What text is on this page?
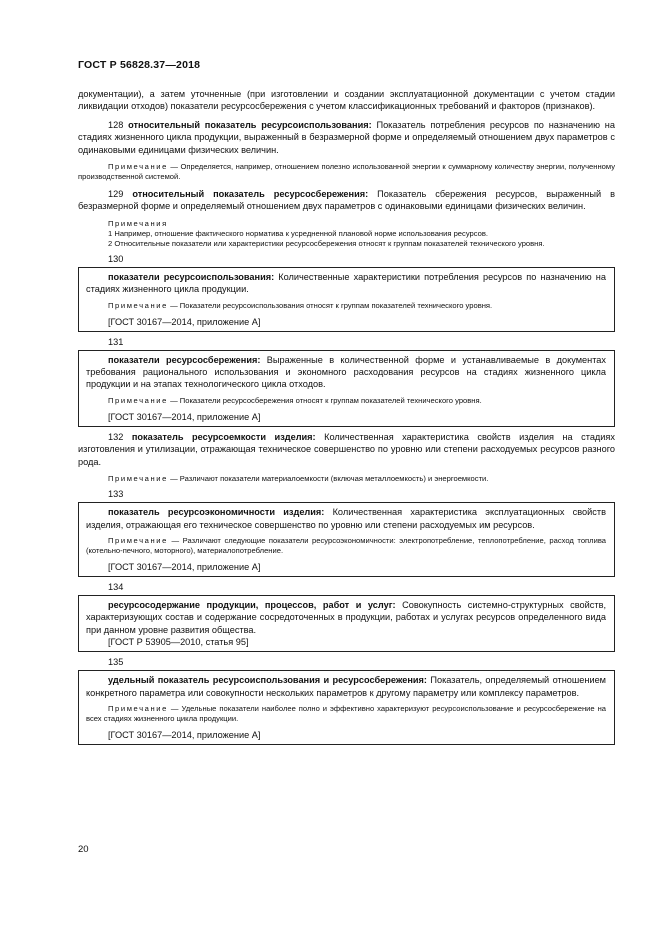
ГОСТ Р 56828.37—2018

документации), а затем уточненные (при изготовлении и создании эксплуатационной документации с учетом стадии ликвидации отходов) показатели ресурсосбережения с учетом классификационных требований и факторов (признаков).

128 относительный показатель ресурсоиспользования: Показатель потребления ресурсов по назначению на стадиях жизненного цикла продукции, выраженный в безразмерной форме и определяемый отношением двух параметров с одинаковыми единицами физических величин.

Примечание — Определяется, например, отношением полезно использованной энергии к суммарному количеству энергии, полученному производственной системой.

129 относительный показатель ресурсосбережения: Показатель сбережения ресурсов, выраженный в безразмерной форме и определяемый отношением двух параметров с одинаковыми единицами физических величин.

Примечания

1 Например, отношение фактического норматива к усредненной плановой норме использования ресурсов.

2 Относительные показатели или характеристики ресурсосбережения относят к группам показателей технического уровня.

130

показатели ресурсоиспользования: Количественные характеристики потребления ресурсов по назначению на стадиях жизненного цикла продукции.

Примечание — Показатели ресурсоиспользования относят к группам показателей технического уровня.

[ГОСТ 30167—2014, приложение А]

131

показатели ресурсосбережения: Выраженные в количественной форме и устанавливаемые в документах требования рационального использования и экономного расходования ресурсов на стадиях жизненного цикла продукции и на этапах технологического цикла отходов.

Примечание — Показатели ресурсосбережения относят к группам показателей технического уровня.

[ГОСТ 30167—2014, приложение А]

132 показатель ресурсоемкости изделия: Количественная характеристика свойств изделия на стадиях изготовления и утилизации, отражающая техническое совершенство по уровню или степени расходуемых ресурсов разного рода.

Примечание — Различают показатели материалоемкости (включая металлоемкость) и энергоемкости.

133

показатель ресурсоэкономичности изделия: Количественная характеристика эксплуатационных свойств изделия, отражающая его техническое совершенство по уровню или степени расходуемых им ресурсов.

Примечание — Различают следующие показатели ресурсоэкономичности: электропотребление, теплопотребление, расход топлива (котельно-печного, моторного), материалопотребление.

[ГОСТ 30167—2014, приложение А]

134

ресурсосодержание продукции, процессов, работ и услуг: Совокупность системно-структурных свойств, характеризующих состав и содержание сосредоточенных в продукции, работах и услугах ресурсов определенного вида при данном уровне развития общества.

[ГОСТ Р 53905—2010, статья 95]

135

удельный показатель ресурсоиспользования и ресурсосбережения: Показатель, определяемый отношением конкретного параметра или совокупности нескольких параметров к другому параметру или комплексу параметров.

Примечание — Удельные показатели наиболее полно и эффективно характеризуют ресурсоиспользование и ресурсосбережение на всех стадиях жизненного цикла продукции.

[ГОСТ 30167—2014, приложение А]

20
